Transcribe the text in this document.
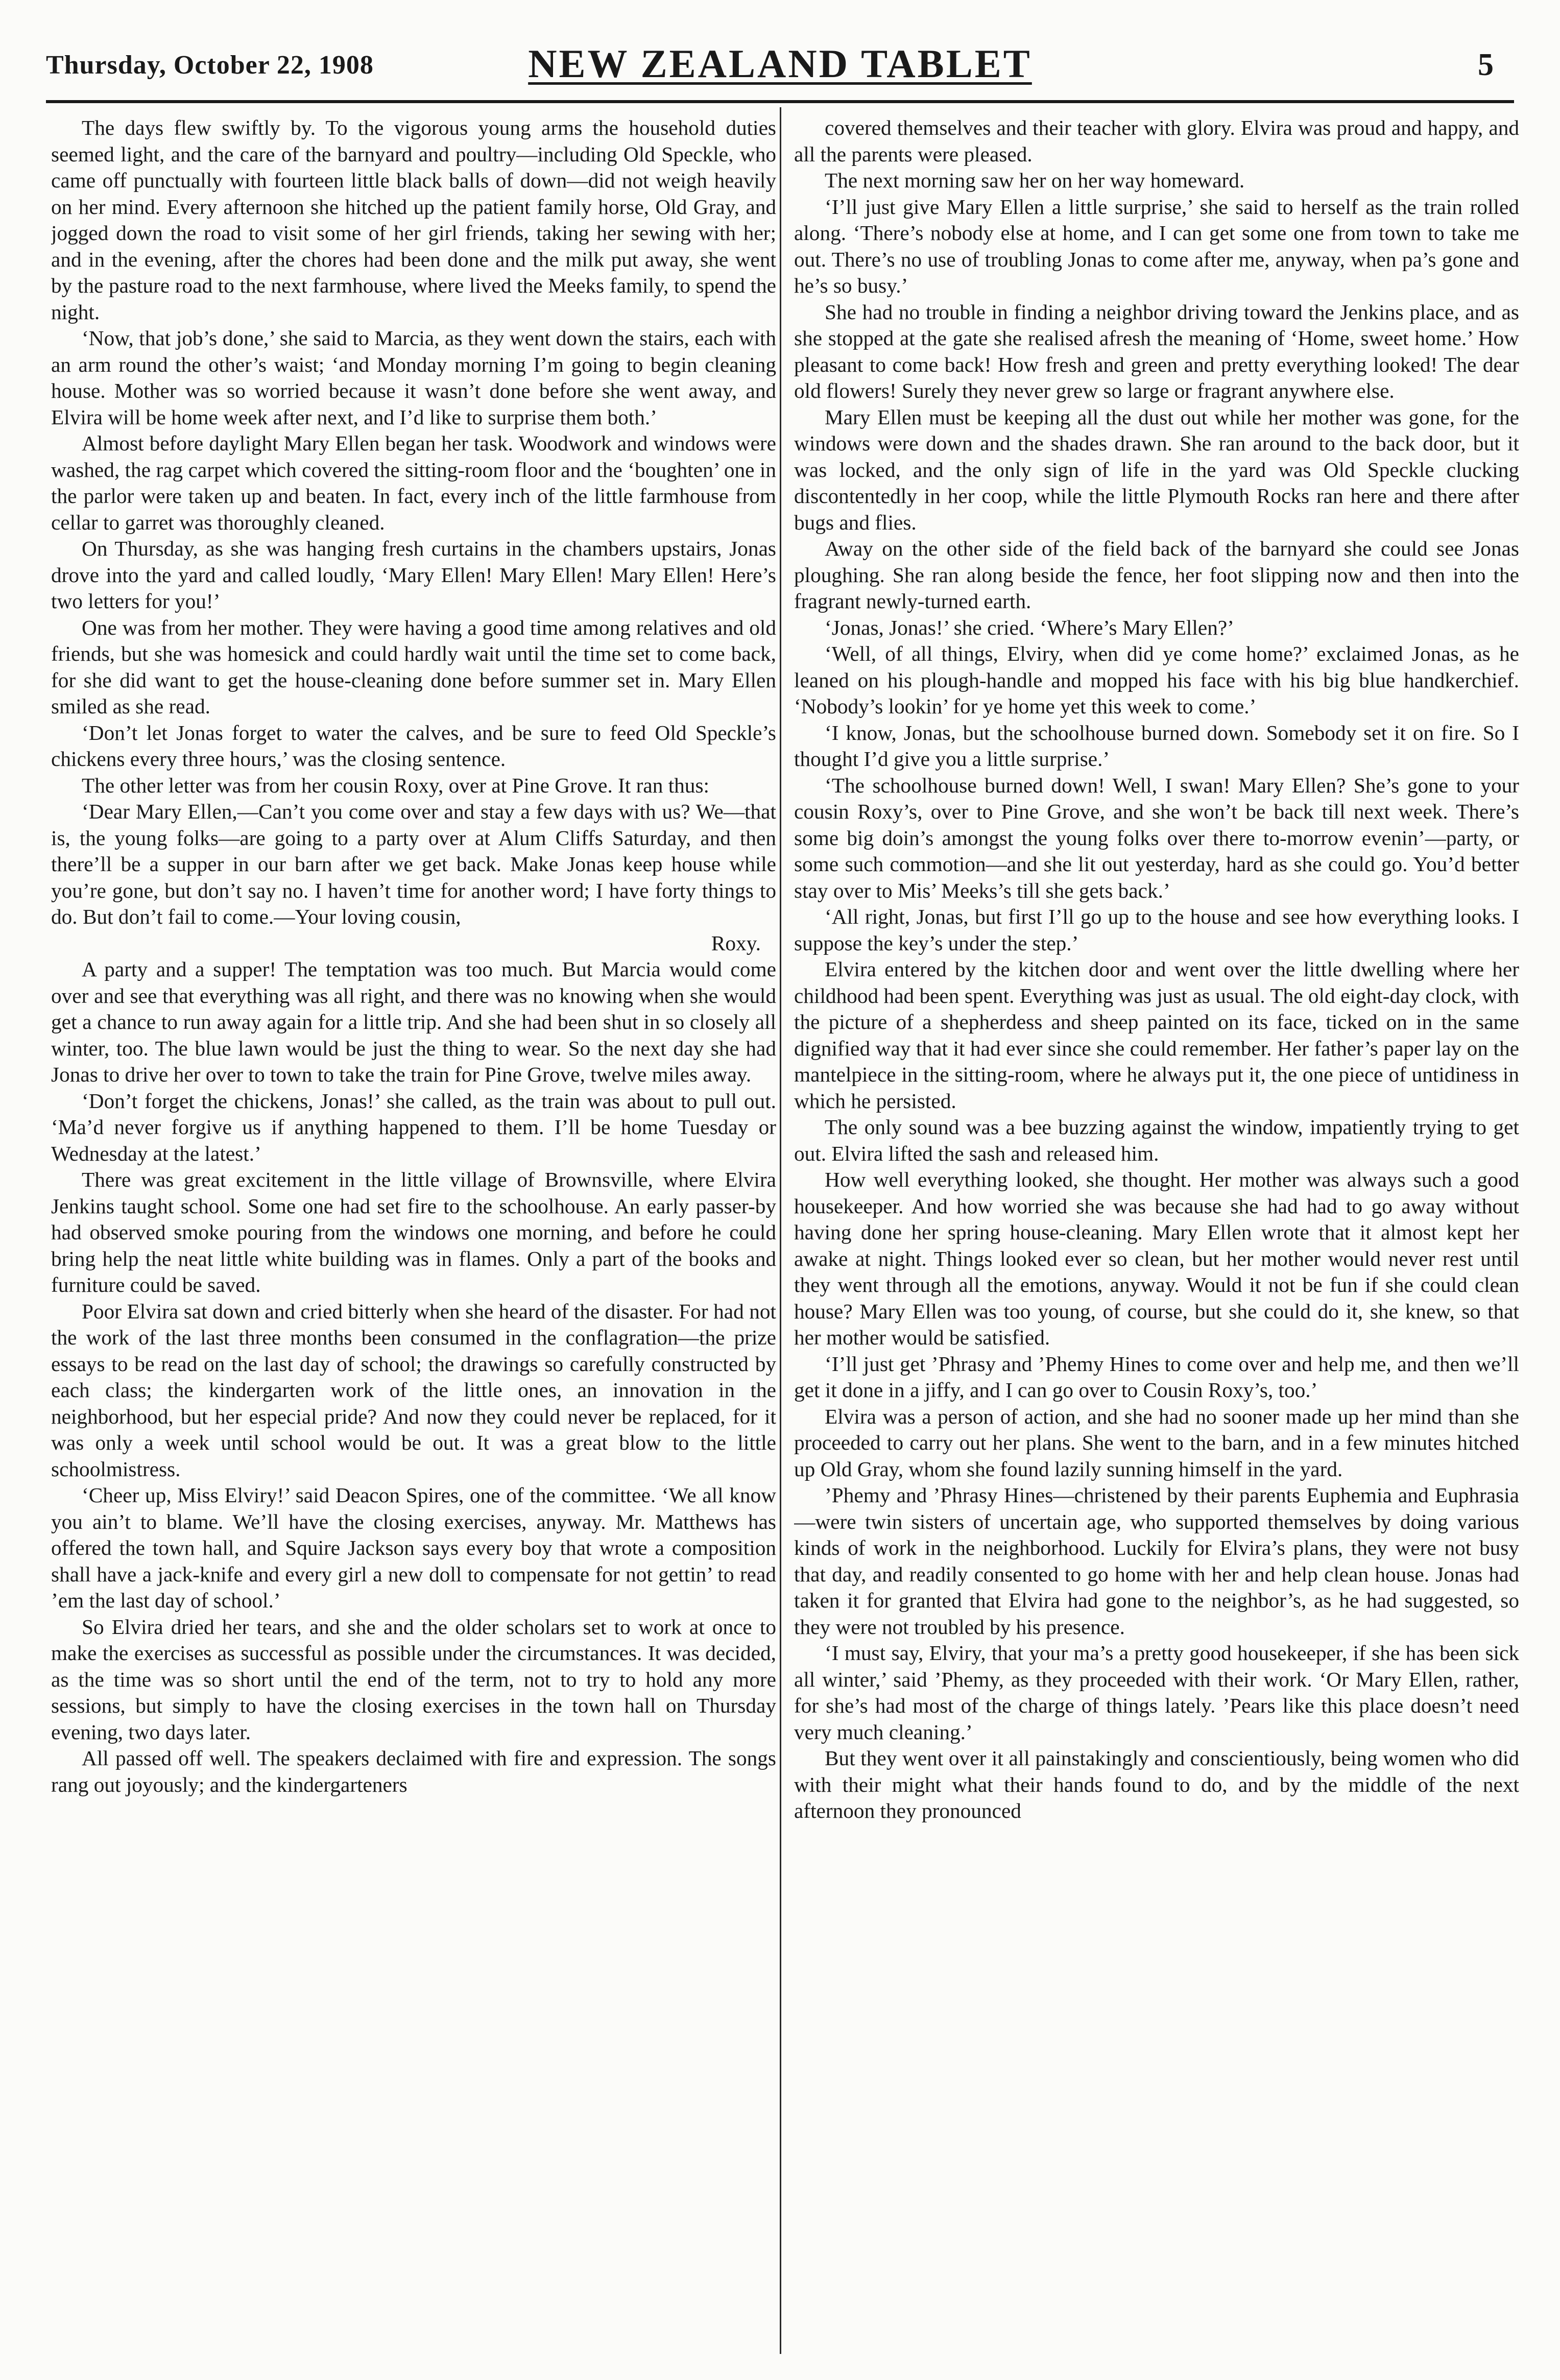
Thursday, October 22, 1908	NEW ZEALAND TABLET	5

The days flew swiftly by. To the vigorous young arms the household duties seemed light, and the care of the barnyard and poultry—including Old Speckle, who came off punctually with fourteen little black balls of down—did not weigh heavily on her mind. Every afternoon she hitched up the patient family horse, Old Gray, and jogged down the road to visit some of her girl friends, taking her sewing with her; and in the evening, after the chores had been done and the milk put away, she went by the pasture road to the next farmhouse, where lived the Meeks family, to spend the night.

‘Now, that job’s done,’ she said to Marcia, as they went down the stairs, each with an arm round the other’s waist; ‘and Monday morning I’m going to begin cleaning house. Mother was so worried because it wasn’t done before she went away, and Elvira will be home week after next, and I’d like to surprise them both.’

Almost before daylight Mary Ellen began her task. Woodwork and windows were washed, the rag carpet which covered the sitting-room floor and the ‘boughten’ one in the parlor were taken up and beaten. In fact, every inch of the little farmhouse from cellar to garret was thoroughly cleaned.

On Thursday, as she was hanging fresh curtains in the chambers upstairs, Jonas drove into the yard and called loudly, ‘Mary Ellen! Mary Ellen! Mary Ellen! Here’s two letters for you!’

One was from her mother. They were having a good time among relatives and old friends, but she was homesick and could hardly wait until the time set to come back, for she did want to get the house-cleaning done before summer set in. Mary Ellen smiled as she read.

‘Don’t let Jonas forget to water the calves, and be sure to feed Old Speckle’s chickens every three hours,’ was the closing sentence.

The other letter was from her cousin Roxy, over at Pine Grove. It ran thus:

‘Dear Mary Ellen,—Can’t you come over and stay a few days with us? We—that is, the young folks—are going to a party over at Alum Cliffs Saturday, and then there’ll be a supper in our barn after we get back. Make Jonas keep house while you’re gone, but don’t say no. I haven’t time for another word; I have forty things to do. But don’t fail to come.—Your loving cousin,

Roxy.

A party and a supper! The temptation was too much. But Marcia would come over and see that everything was all right, and there was no knowing when she would get a chance to run away again for a little trip. And she had been shut in so closely all winter, too. The blue lawn would be just the thing to wear. So the next day she had Jonas to drive her over to town to take the train for Pine Grove, twelve miles away.

‘Don’t forget the chickens, Jonas!’ she called, as the train was about to pull out. ‘Ma’d never forgive us if anything happened to them. I’ll be home Tuesday or Wednesday at the latest.’

There was great excitement in the little village of Brownsville, where Elvira Jenkins taught school. Some one had set fire to the schoolhouse. An early passer-by had observed smoke pouring from the windows one morning, and before he could bring help the neat little white building was in flames. Only a part of the books and furniture could be saved.

Poor Elvira sat down and cried bitterly when she heard of the disaster. For had not the work of the last three months been consumed in the conflagration—the prize essays to be read on the last day of school; the drawings so carefully constructed by each class; the kindergarten work of the little ones, an innovation in the neighborhood, but her especial pride? And now they could never be replaced, for it was only a week until school would be out. It was a great blow to the little schoolmistress.

‘Cheer up, Miss Elviry!’ said Deacon Spires, one of the committee. ‘We all know you ain’t to blame. We’ll have the closing exercises, anyway. Mr. Matthews has offered the town hall, and Squire Jackson says every boy that wrote a composition shall have a jack-knife and every girl a new doll to compensate for not gettin’ to read ’em the last day of school.’

So Elvira dried her tears, and she and the older scholars set to work at once to make the exercises as successful as possible under the circumstances. It was decided, as the time was so short until the end of the term, not to try to hold any more sessions, but simply to have the closing exercises in the town hall on Thursday evening, two days later.

All passed off well. The speakers declaimed with fire and expression. The songs rang out joyously; and the kindergarteners

covered themselves and their teacher with glory. Elvira was proud and happy, and all the parents were pleased.

The next morning saw her on her way homeward.

‘I’ll just give Mary Ellen a little surprise,’ she said to herself as the train rolled along. ‘There’s nobody else at home, and I can get some one from town to take me out. There’s no use of troubling Jonas to come after me, anyway, when pa’s gone and he’s so busy.’

She had no trouble in finding a neighbor driving toward the Jenkins place, and as she stopped at the gate she realised afresh the meaning of ‘Home, sweet home.’ How pleasant to come back! How fresh and green and pretty everything looked! The dear old flowers! Surely they never grew so large or fragrant anywhere else.

Mary Ellen must be keeping all the dust out while her mother was gone, for the windows were down and the shades drawn. She ran around to the back door, but it was locked, and the only sign of life in the yard was Old Speckle clucking discontentedly in her coop, while the little Plymouth Rocks ran here and there after bugs and flies.

Away on the other side of the field back of the barnyard she could see Jonas ploughing. She ran along beside the fence, her foot slipping now and then into the fragrant newly-turned earth.

‘Jonas, Jonas!’ she cried. ‘Where’s Mary Ellen?’

‘Well, of all things, Elviry, when did ye come home?’ exclaimed Jonas, as he leaned on his plough-handle and mopped his face with his big blue handkerchief. ‘Nobody’s lookin’ for ye home yet this week to come.’

‘I know, Jonas, but the schoolhouse burned down. Somebody set it on fire. So I thought I’d give you a little surprise.’

‘The schoolhouse burned down! Well, I swan! Mary Ellen? She’s gone to your cousin Roxy’s, over to Pine Grove, and she won’t be back till next week. There’s some big doin’s amongst the young folks over there to-morrow evenin’—party, or some such commotion—and she lit out yesterday, hard as she could go. You’d better stay over to Mis’ Meeks’s till she gets back.’

‘All right, Jonas, but first I’ll go up to the house and see how everything looks. I suppose the key’s under the step.’

Elvira entered by the kitchen door and went over the little dwelling where her childhood had been spent. Everything was just as usual. The old eight-day clock, with the picture of a shepherdess and sheep painted on its face, ticked on in the same dignified way that it had ever since she could remember. Her father’s paper lay on the mantelpiece in the sitting-room, where he always put it, the one piece of untidiness in which he persisted.

The only sound was a bee buzzing against the window, impatiently trying to get out. Elvira lifted the sash and released him.

How well everything looked, she thought. Her mother was always such a good housekeeper. And how worried she was because she had had to go away without having done her spring house-cleaning. Mary Ellen wrote that it almost kept her awake at night. Things looked ever so clean, but her mother would never rest until they went through all the emotions, anyway. Would it not be fun if she could clean house? Mary Ellen was too young, of course, but she could do it, she knew, so that her mother would be satisfied.

‘I’ll just get ’Phrasy and ’Phemy Hines to come over and help me, and then we’ll get it done in a jiffy, and I can go over to Cousin Roxy’s, too.’

Elvira was a person of action, and she had no sooner made up her mind than she proceeded to carry out her plans. She went to the barn, and in a few minutes hitched up Old Gray, whom she found lazily sunning himself in the yard.

’Phemy and ’Phrasy Hines—christened by their parents Euphemia and Euphrasia—were twin sisters of uncertain age, who supported themselves by doing various kinds of work in the neighborhood. Luckily for Elvira’s plans, they were not busy that day, and readily consented to go home with her and help clean house. Jonas had taken it for granted that Elvira had gone to the neighbor’s, as he had suggested, so they were not troubled by his presence.

‘I must say, Elviry, that your ma’s a pretty good housekeeper, if she has been sick all winter,’ said ’Phemy, as they proceeded with their work. ‘Or Mary Ellen, rather, for she’s had most of the charge of things lately. ’Pears like this place doesn’t need very much cleaning.’

But they went over it all painstakingly and conscientiously, being women who did with their might what their hands found to do, and by the middle of the next afternoon they pronounced
